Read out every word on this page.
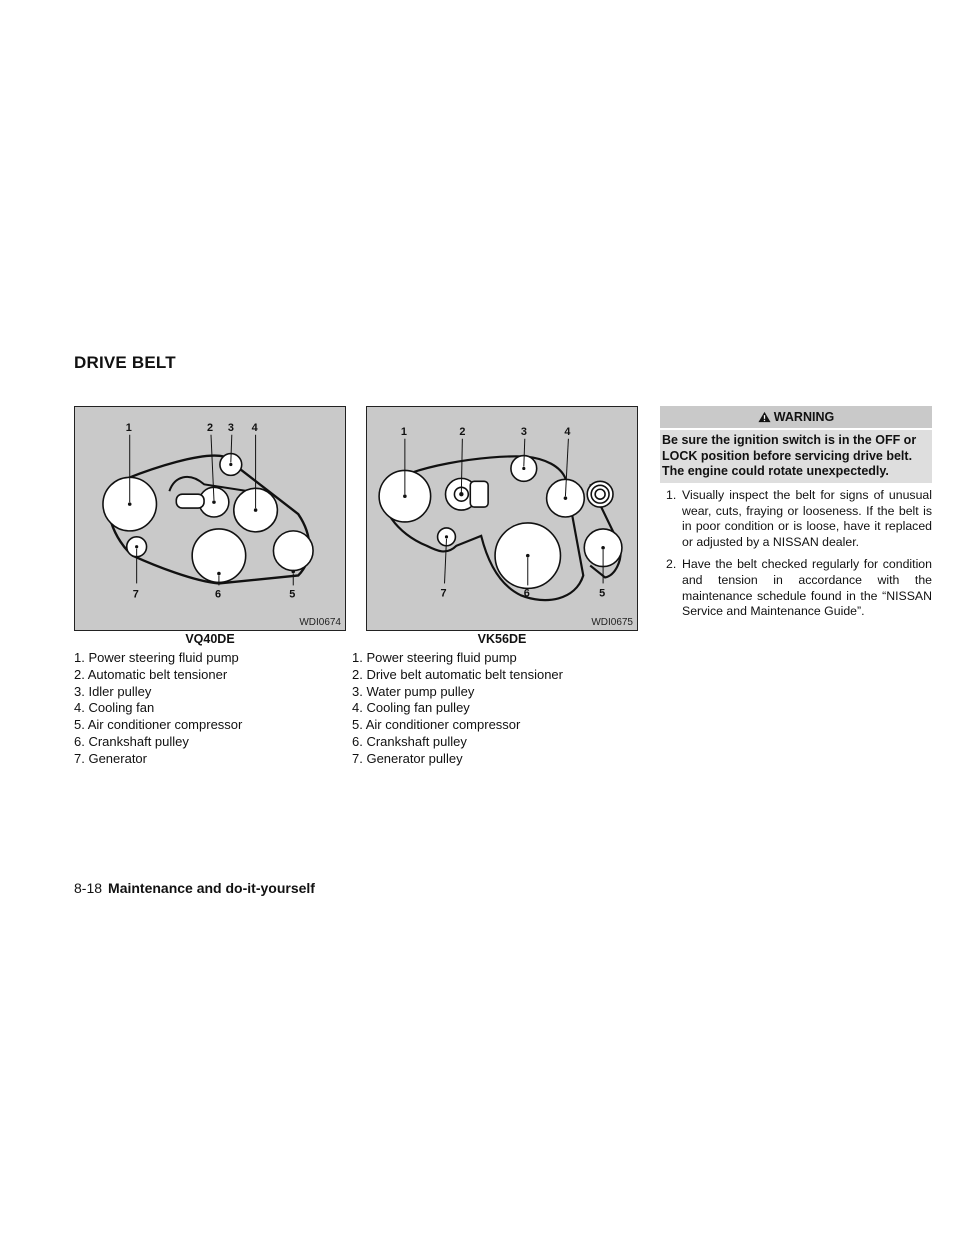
DRIVE BELT
1	2 3 4
5
6
7
WDI0674
VQ40DE
1. Power steering fluid pump
2. Automatic belt tensioner
3. Idler pulley
4. Cooling fan
5. Air conditioner compressor
6. Crankshaft pulley
7. Generator
1	2	3	4
5
6
7
WDI0675
VK56DE
1. Power steering fluid pump
2. Drive belt automatic belt tensioner
3. Water pump pulley
4. Cooling fan pulley
5. Air conditioner compressor
6. Crankshaft pulley
7. Generator pulley
WARNING
Be sure the ignition switch is in the OFF or LOCK position before servicing drive belt. The engine could rotate unexpectedly.
1. Visually inspect the belt for signs of unusual wear, cuts, fraying or looseness. If the belt is in poor condition or is loose, have it replaced or adjusted by a NISSAN dealer.
2. Have the belt checked regularly for condition and tension in accordance with the maintenance schedule found in the “NISSAN Service and Maintenance Guide”.
8-18 Maintenance and do-it-yourself
